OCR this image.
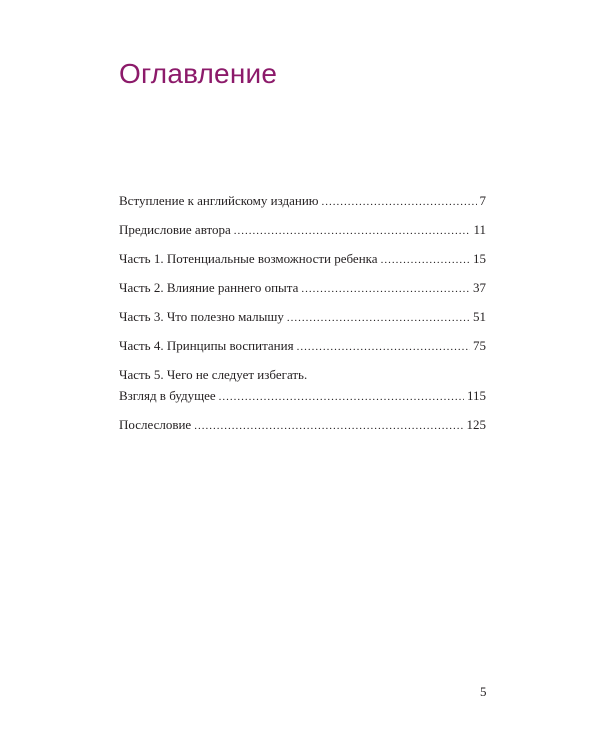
Оглавление
Вступление к английскому изданию .....	7
Предисловие автора .....	11
Часть 1. Потенциальные возможности ребенка .....	15
Часть 2. Влияние раннего опыта .....	37
Часть 3. Что полезно малышу .....	51
Часть 4. Принципы воспитания .....	75
Часть 5. Чего не следует избегать.
Взгляд в будущее .....	115
Послесловие .....	125
5
